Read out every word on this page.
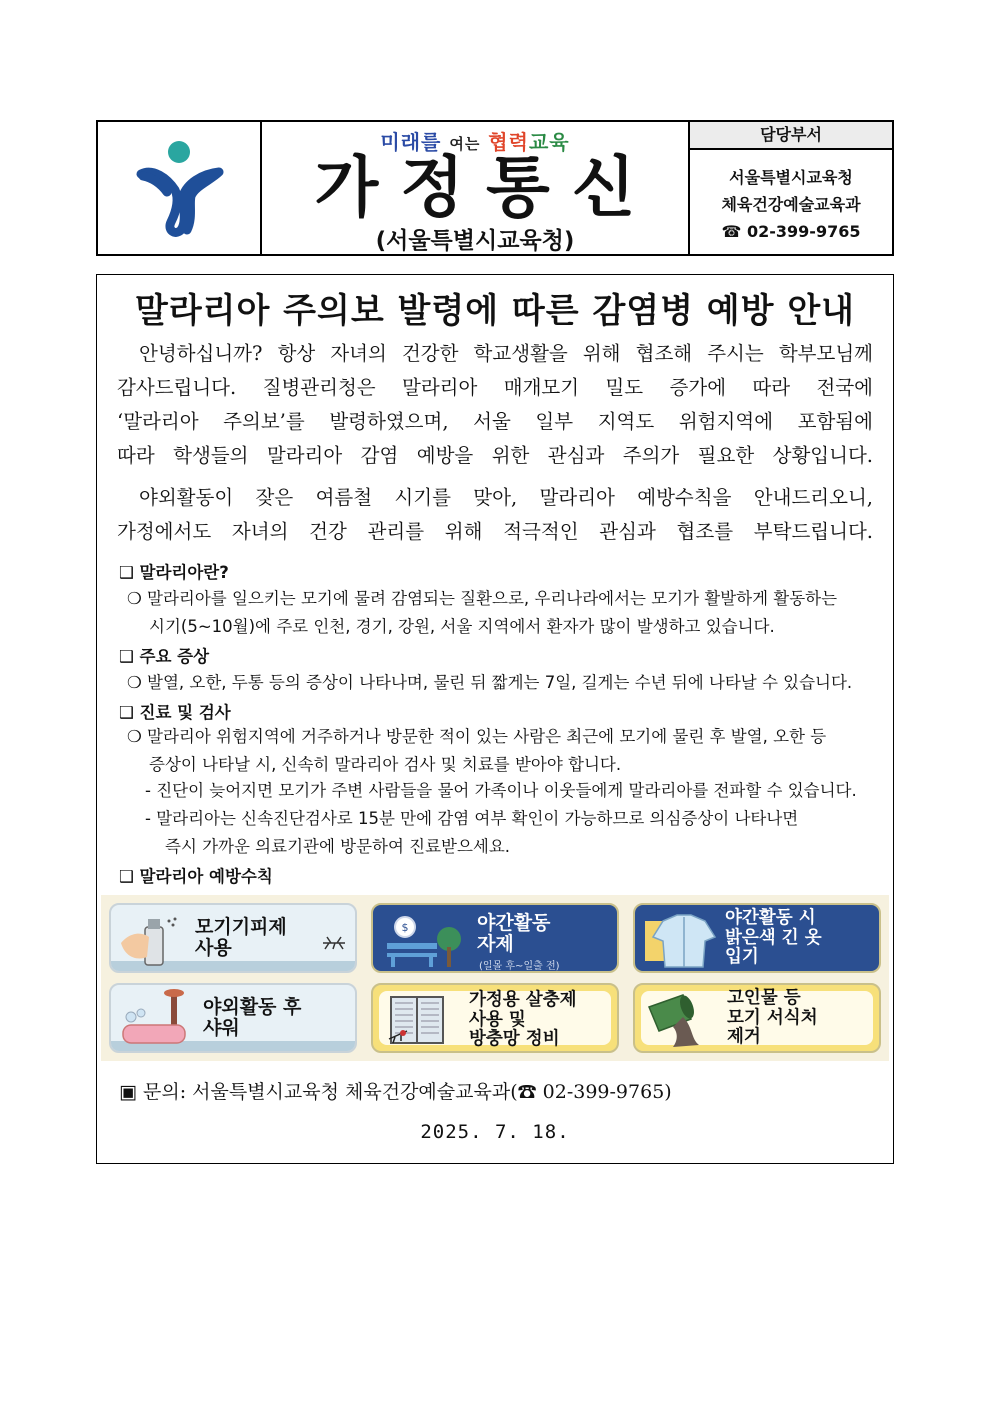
미래를 여는 협력교육
가정통신
(서울특별시교육청)
담당부서
서울특별시교육청
체육건강예술교육과
☎ 02-399-9765
말라리아 주의보 발령에 따른 감염병 예방 안내
안녕하십니까? 항상 자녀의 건강한 학교생활을 위해 협조해 주시는 학부모님께
감사드립니다. 질병관리청은 말라리아 매개모기 밀도 증가에 따라 전국에
‘말라리아 주의보’를 발령하였으며, 서울 일부 지역도 위험지역에 포함됨에
따라 학생들의 말라리아 감염 예방을 위한 관심과 주의가 필요한 상황입니다.
야외활동이 잦은 여름철 시기를 맞아, 말라리아 예방수칙을 안내드리오니,
가정에서도 자녀의 건강 관리를 위해 적극적인 관심과 협조를 부탁드립니다.
❑ 말라리아란?
❍ 말라리아를 일으키는 모기에 물려 감염되는 질환으로, 우리나라에서는 모기가 활발하게 활동하는
시기(5~10월)에 주로 인천, 경기, 강원, 서울 지역에서 환자가 많이 발생하고 있습니다.
❑ 주요 증상
❍ 발열, 오한, 두통 등의 증상이 나타나며, 물린 뒤 짧게는 7일, 길게는 수년 뒤에 나타날 수 있습니다.
❑ 진료 및 검사
❍ 말라리아 위험지역에 거주하거나 방문한 적이 있는 사람은 최근에 모기에 물린 후 발열, 오한 등
증상이 나타날 시, 신속히 말라리아 검사 및 치료를 받아야 합니다.
- 진단이 늦어지면 모기가 주변 사람들을 물어 가족이나 이웃들에게 말라리아를 전파할 수 있습니다.
- 말라리아는 신속진단검사로 15분 만에 감염 여부 확인이 가능하므로 의심증상이 나타나면
즉시 가까운 의료기관에 방문하여 진료받으세요.
❑ 말라리아 예방수칙
모기기피제
사용
$	야간활동
자제
(일몰 후~일출 전)
야간활동 시
밝은색 긴 옷
입기
야외활동 후
샤워
가정용 살충제
사용 및
방충망 정비
고인물 등
모기 서식처
제거
▣ 문의: 서울특별시교육청 체육건강예술교육과(☎ 02-399-9765)
2025. 7. 18.
